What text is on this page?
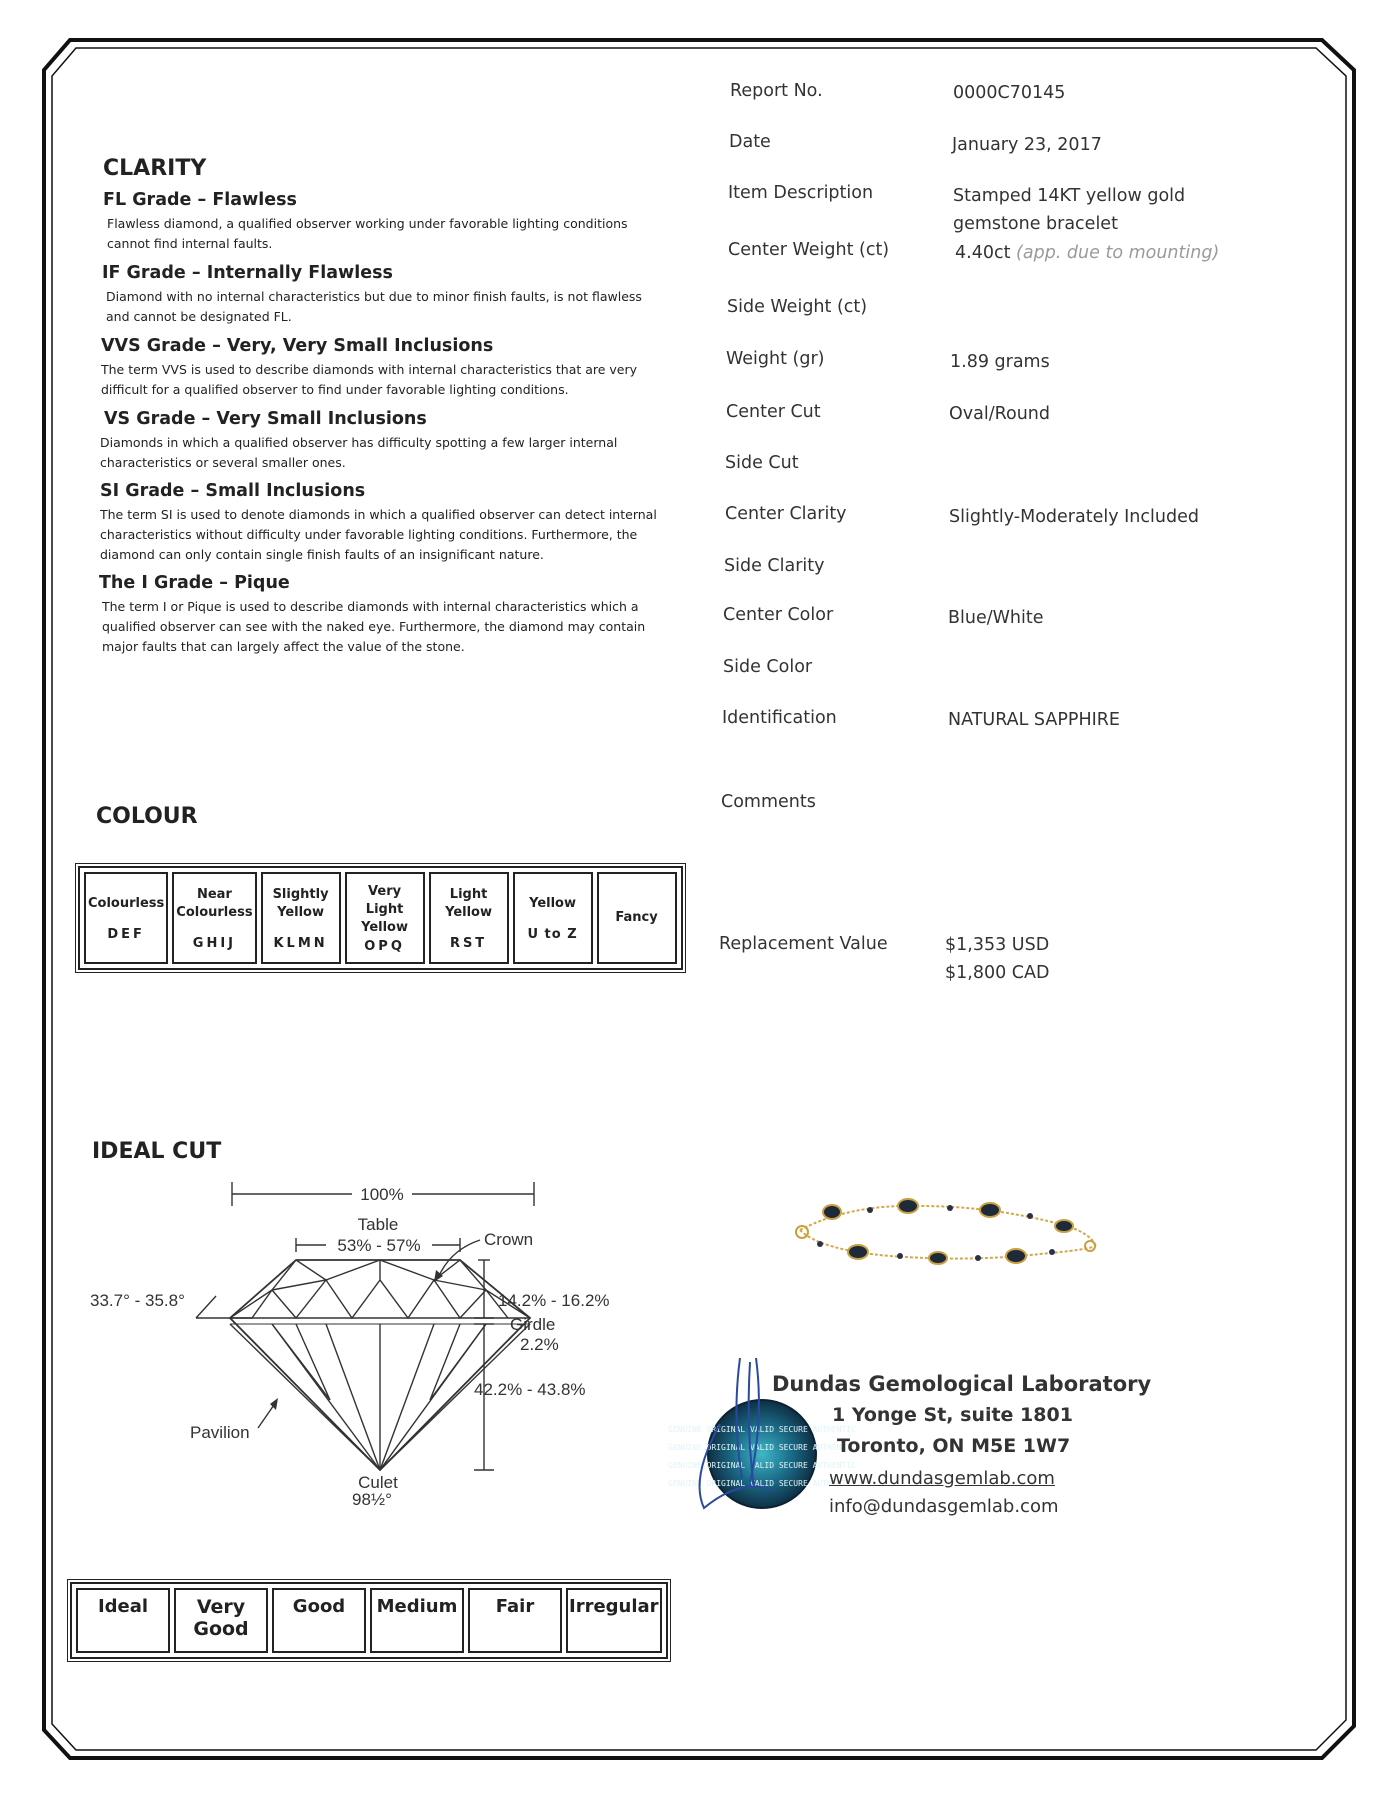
CLARITY
FL Grade – Flawless
Flawless diamond, a qualified observer working under favorable lighting conditions cannot find internal faults.
IF Grade – Internally Flawless
Diamond with no internal characteristics but due to minor finish faults, is not flawless and cannot be designated FL.
VVS Grade – Very, Very Small Inclusions
The term VVS is used to describe diamonds with internal characteristics that are very difficult for a qualified observer to find under favorable lighting conditions.
VS Grade – Very Small Inclusions
Diamonds in which a qualified observer has difficulty spotting a few larger internal characteristics or several smaller ones.
SI Grade – Small Inclusions
The term SI is used to denote diamonds in which a qualified observer can detect internal characteristics without difficulty under favorable lighting conditions. Furthermore, the diamond can only contain single finish faults of an insignificant nature.
The I Grade – Pique
The term I or Pique is used to describe diamonds with internal characteristics which a qualified observer can see with the naked eye. Furthermore, the diamond may contain major faults that can largely affect the value of the stone.
Report No.	0000C70145
Date	January 23, 2017
Item Description	Stamped 14KT yellow gold
gemstone bracelet
Center Weight (ct)	4.40ct (app. due to mounting)
Side Weight (ct)
Weight (gr)	1.89 grams
Center Cut	Oval/Round
Side Cut
Center Clarity	Slightly-Moderately Included
Side Clarity
Center Color	Blue/White
Side Color
Identification	NATURAL SAPPHIRE
Comments
Replacement Value	$1,353 USD
$1,800 CAD
COLOUR
Colourless
DEF

Near
Colourless
GHIJ

Slightly
Yellow
KLMN

Very
Light
Yellow
OPQ

Light
Yellow
RST

Yellow
U to Z

Fancy
IDEAL CUT
100%
Table
53% - 57%	Crown
33.7° - 35.8°	14.2% - 16.2%
Girdle
2.2%
42.2% - 43.8%
Pavilion
Culet
98½°
Ideal	Very
Good	Good	Medium	Fair	Irregular
GENUINE ORIGINAL VALID SECURE AUTHENTIC
GENUINE ORIGINAL VALID SECURE AUTHENTIC
GENUINE ORIGINAL VALID SECURE AUTHENTIC
GENUINE ORIGINAL VALID SECURE AUTHENTIC
Dundas Gemological Laboratory
1 Yonge St, suite 1801
Toronto, ON M5E 1W7
www.dundasgemlab.com
info@dundasgemlab.com
